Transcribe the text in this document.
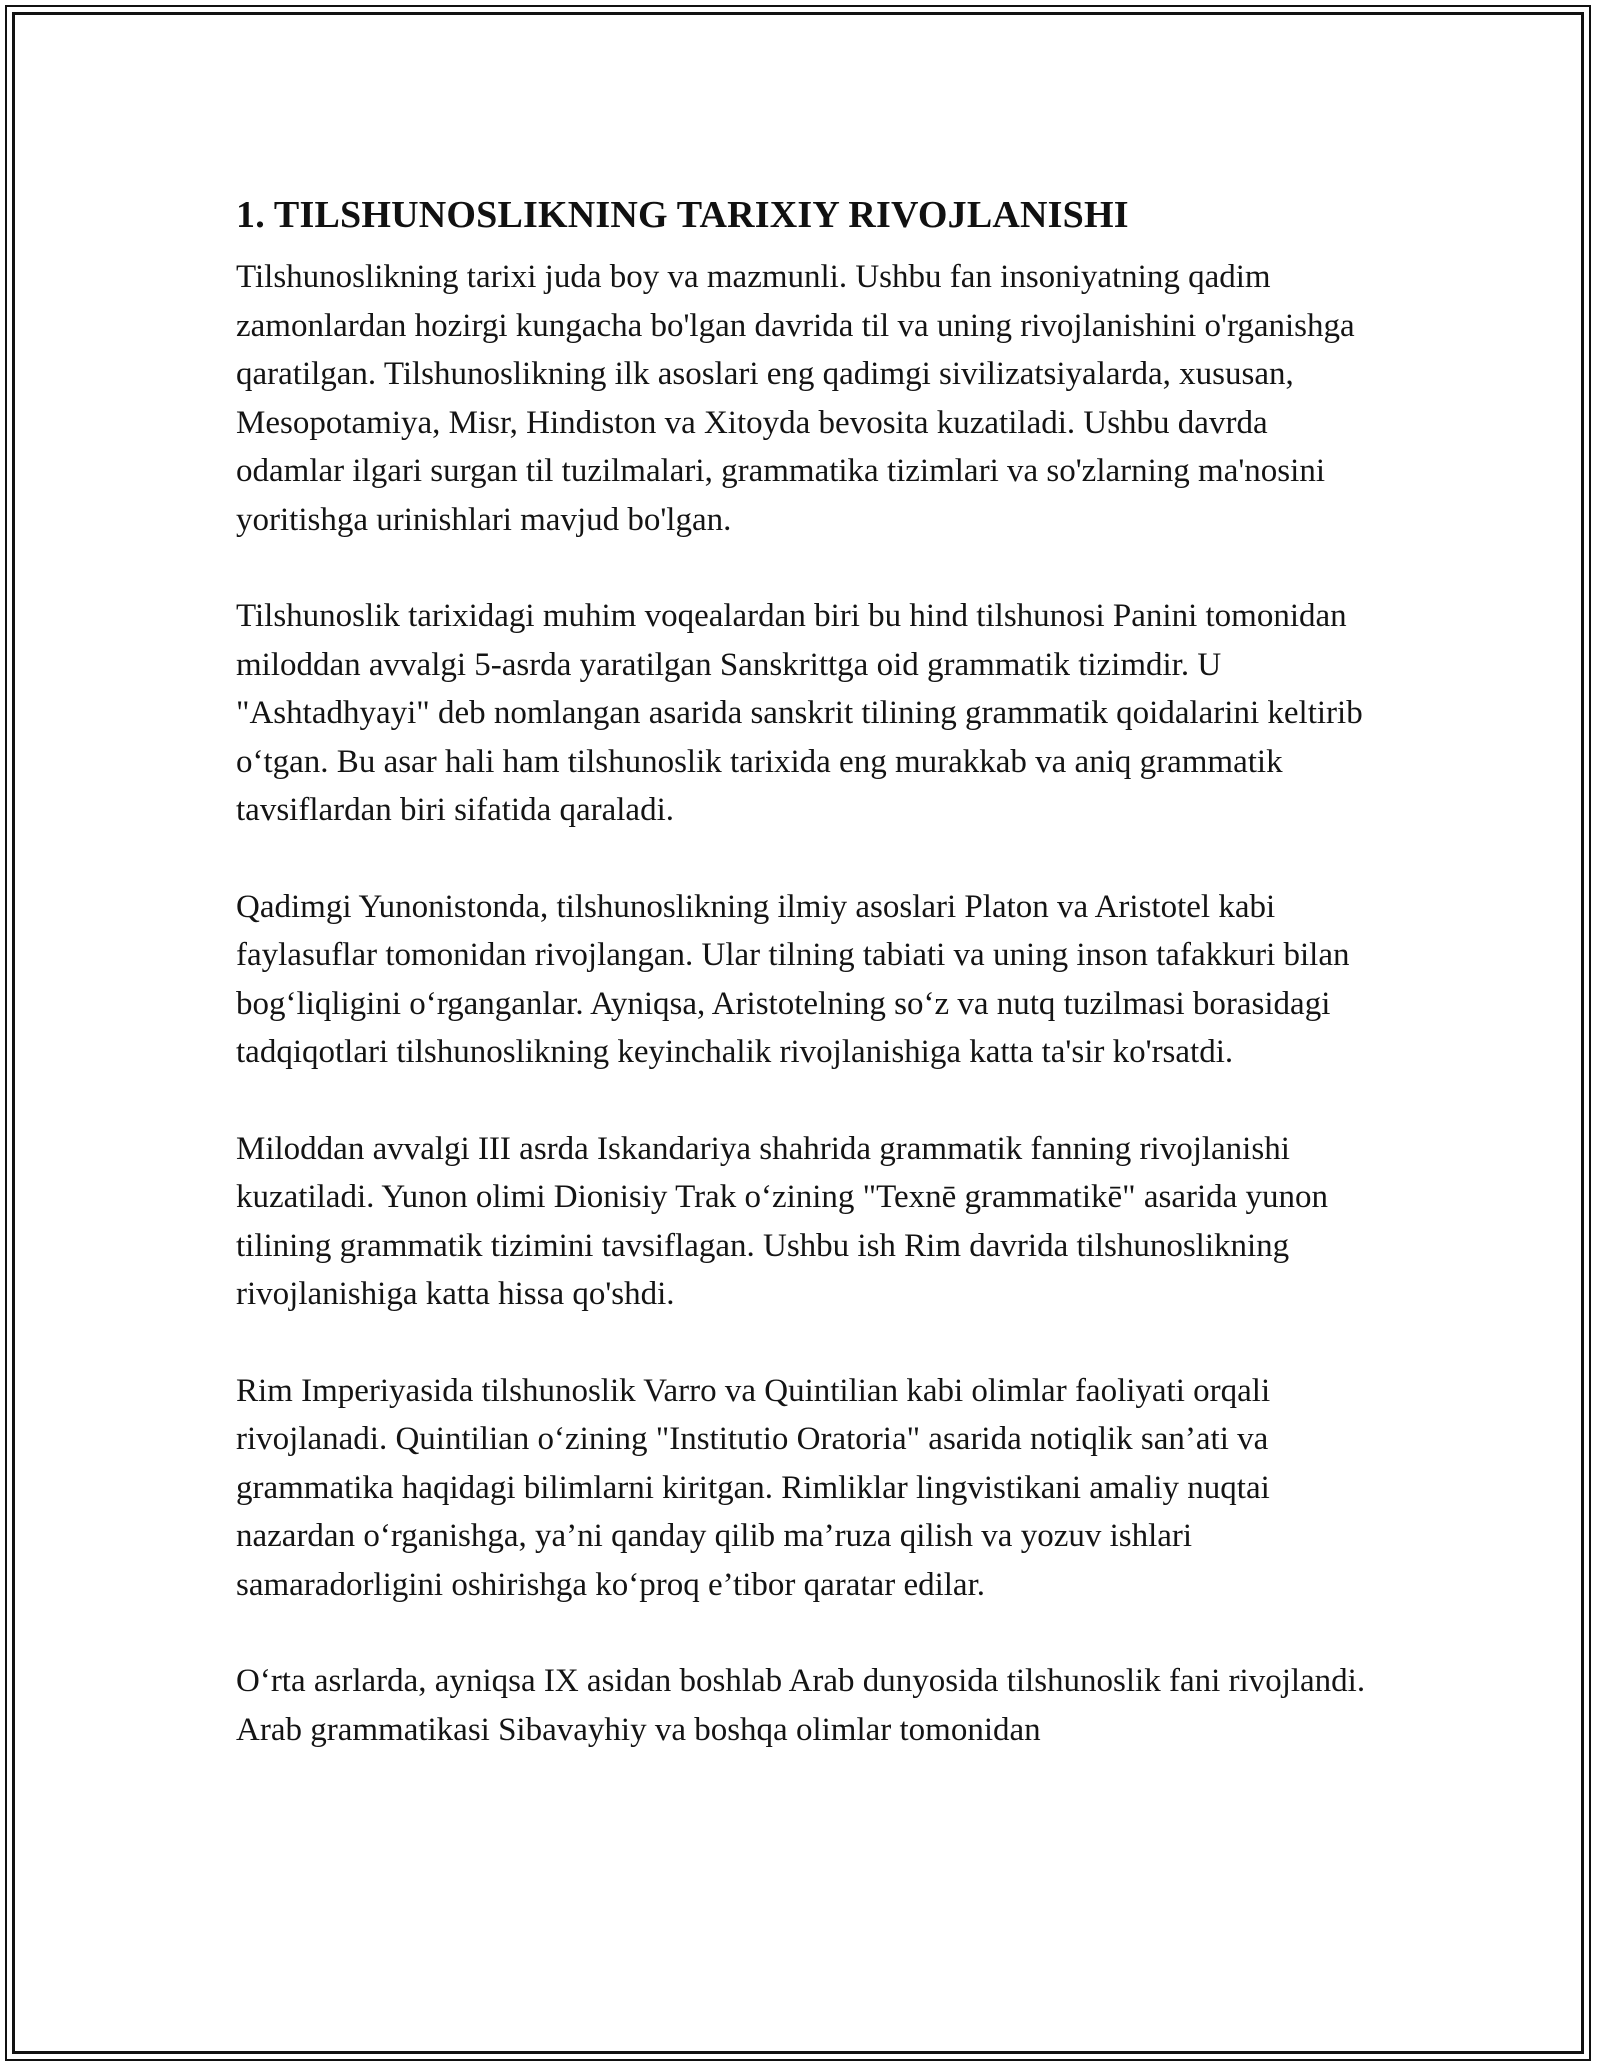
1. TILSHUNOSLIKNING TARIXIY RIVOJLANISHI

Tilshunoslikning tarixi juda boy va mazmunli. Ushbu fan insoniyatning qadim zamonlardan hozirgi kungacha bo'lgan davrida til va uning rivojlanishini o'rganishga qaratilgan. Tilshunoslikning ilk asoslari eng qadimgi sivilizatsiyalarda, xususan, Mesopotamiya, Misr, Hindiston va Xitoyda bevosita kuzatiladi. Ushbu davrda odamlar ilgari surgan til tuzilmalari, grammatika tizimlari va so'zlarning ma'nosini yoritishga urinishlari mavjud bo'lgan.

Tilshunoslik tarixidagi muhim voqealardan biri bu hind tilshunosi Panini tomonidan miloddan avvalgi 5-asrda yaratilgan Sanskrittga oid grammatik tizimdir. U "Ashtadhyayi" deb nomlangan asarida sanskrit tilining grammatik qoidalarini keltirib o‘tgan. Bu asar hali ham tilshunoslik tarixida eng murakkab va aniq grammatik tavsiflardan biri sifatida qaraladi.

Qadimgi Yunonistonda, tilshunoslikning ilmiy asoslari Platon va Aristotel kabi faylasuflar tomonidan rivojlangan. Ular tilning tabiati va uning inson tafakkuri bilan bog‘liqligini o‘rganganlar. Ayniqsa, Aristotelning so‘z va nutq tuzilmasi borasidagi tadqiqotlari tilshunoslikning keyinchalik rivojlanishiga katta ta'sir ko'rsatdi.

Miloddan avvalgi III asrda Iskandariya shahrida grammatik fanning rivojlanishi kuzatiladi. Yunon olimi Dionisiy Trak o‘zining "Texnē grammatikē" asarida yunon tilining grammatik tizimini tavsiflagan. Ushbu ish Rim davrida tilshunoslikning rivojlanishiga katta hissa qo'shdi.

Rim Imperiyasida tilshunoslik Varro va Quintilian kabi olimlar faoliyati orqali rivojlanadi. Quintilian o‘zining "Institutio Oratoria" asarida notiqlik san’ati va grammatika haqidagi bilimlarni kiritgan. Rimliklar lingvistikani amaliy nuqtai nazardan o‘rganishga, ya’ni qanday qilib ma’ruza qilish va yozuv ishlari samaradorligini oshirishga ko‘proq e’tibor qaratar edilar.

O‘rta asrlarda, ayniqsa IX asidan boshlab Arab dunyosida tilshunoslik fani rivojlandi. Arab grammatikasi Sibavayhiy va boshqa olimlar tomonidan
